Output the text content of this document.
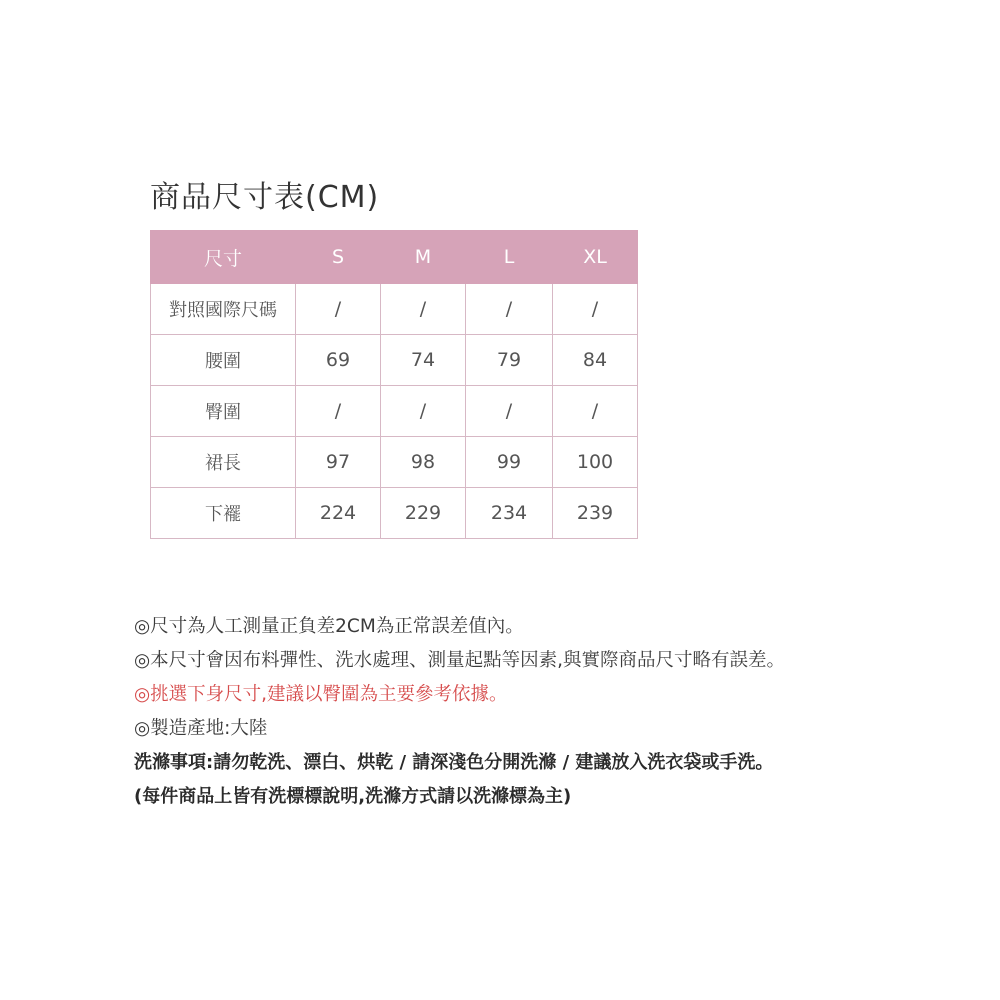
商品尺寸表(CM)
尺寸	S	M	L	XL
對照國際尺碼	/	/	/	/
腰圍	69	74	79	84
臀圍	/	/	/	/
裙長	97	98	99	100
下襬	224	229	234	239
◎尺寸為人工測量正負差2CM為正常誤差值內。
◎本尺寸會因布料彈性、洗水處理、測量起點等因素,與實際商品尺寸略有誤差。
◎挑選下身尺寸,建議以臀圍為主要參考依據。
◎製造產地:大陸
洗滌事項:請勿乾洗、漂白、烘乾 / 請深淺色分開洗滌 / 建議放入洗衣袋或手洗。
(每件商品上皆有洗標標說明,洗滌方式請以洗滌標為主)
